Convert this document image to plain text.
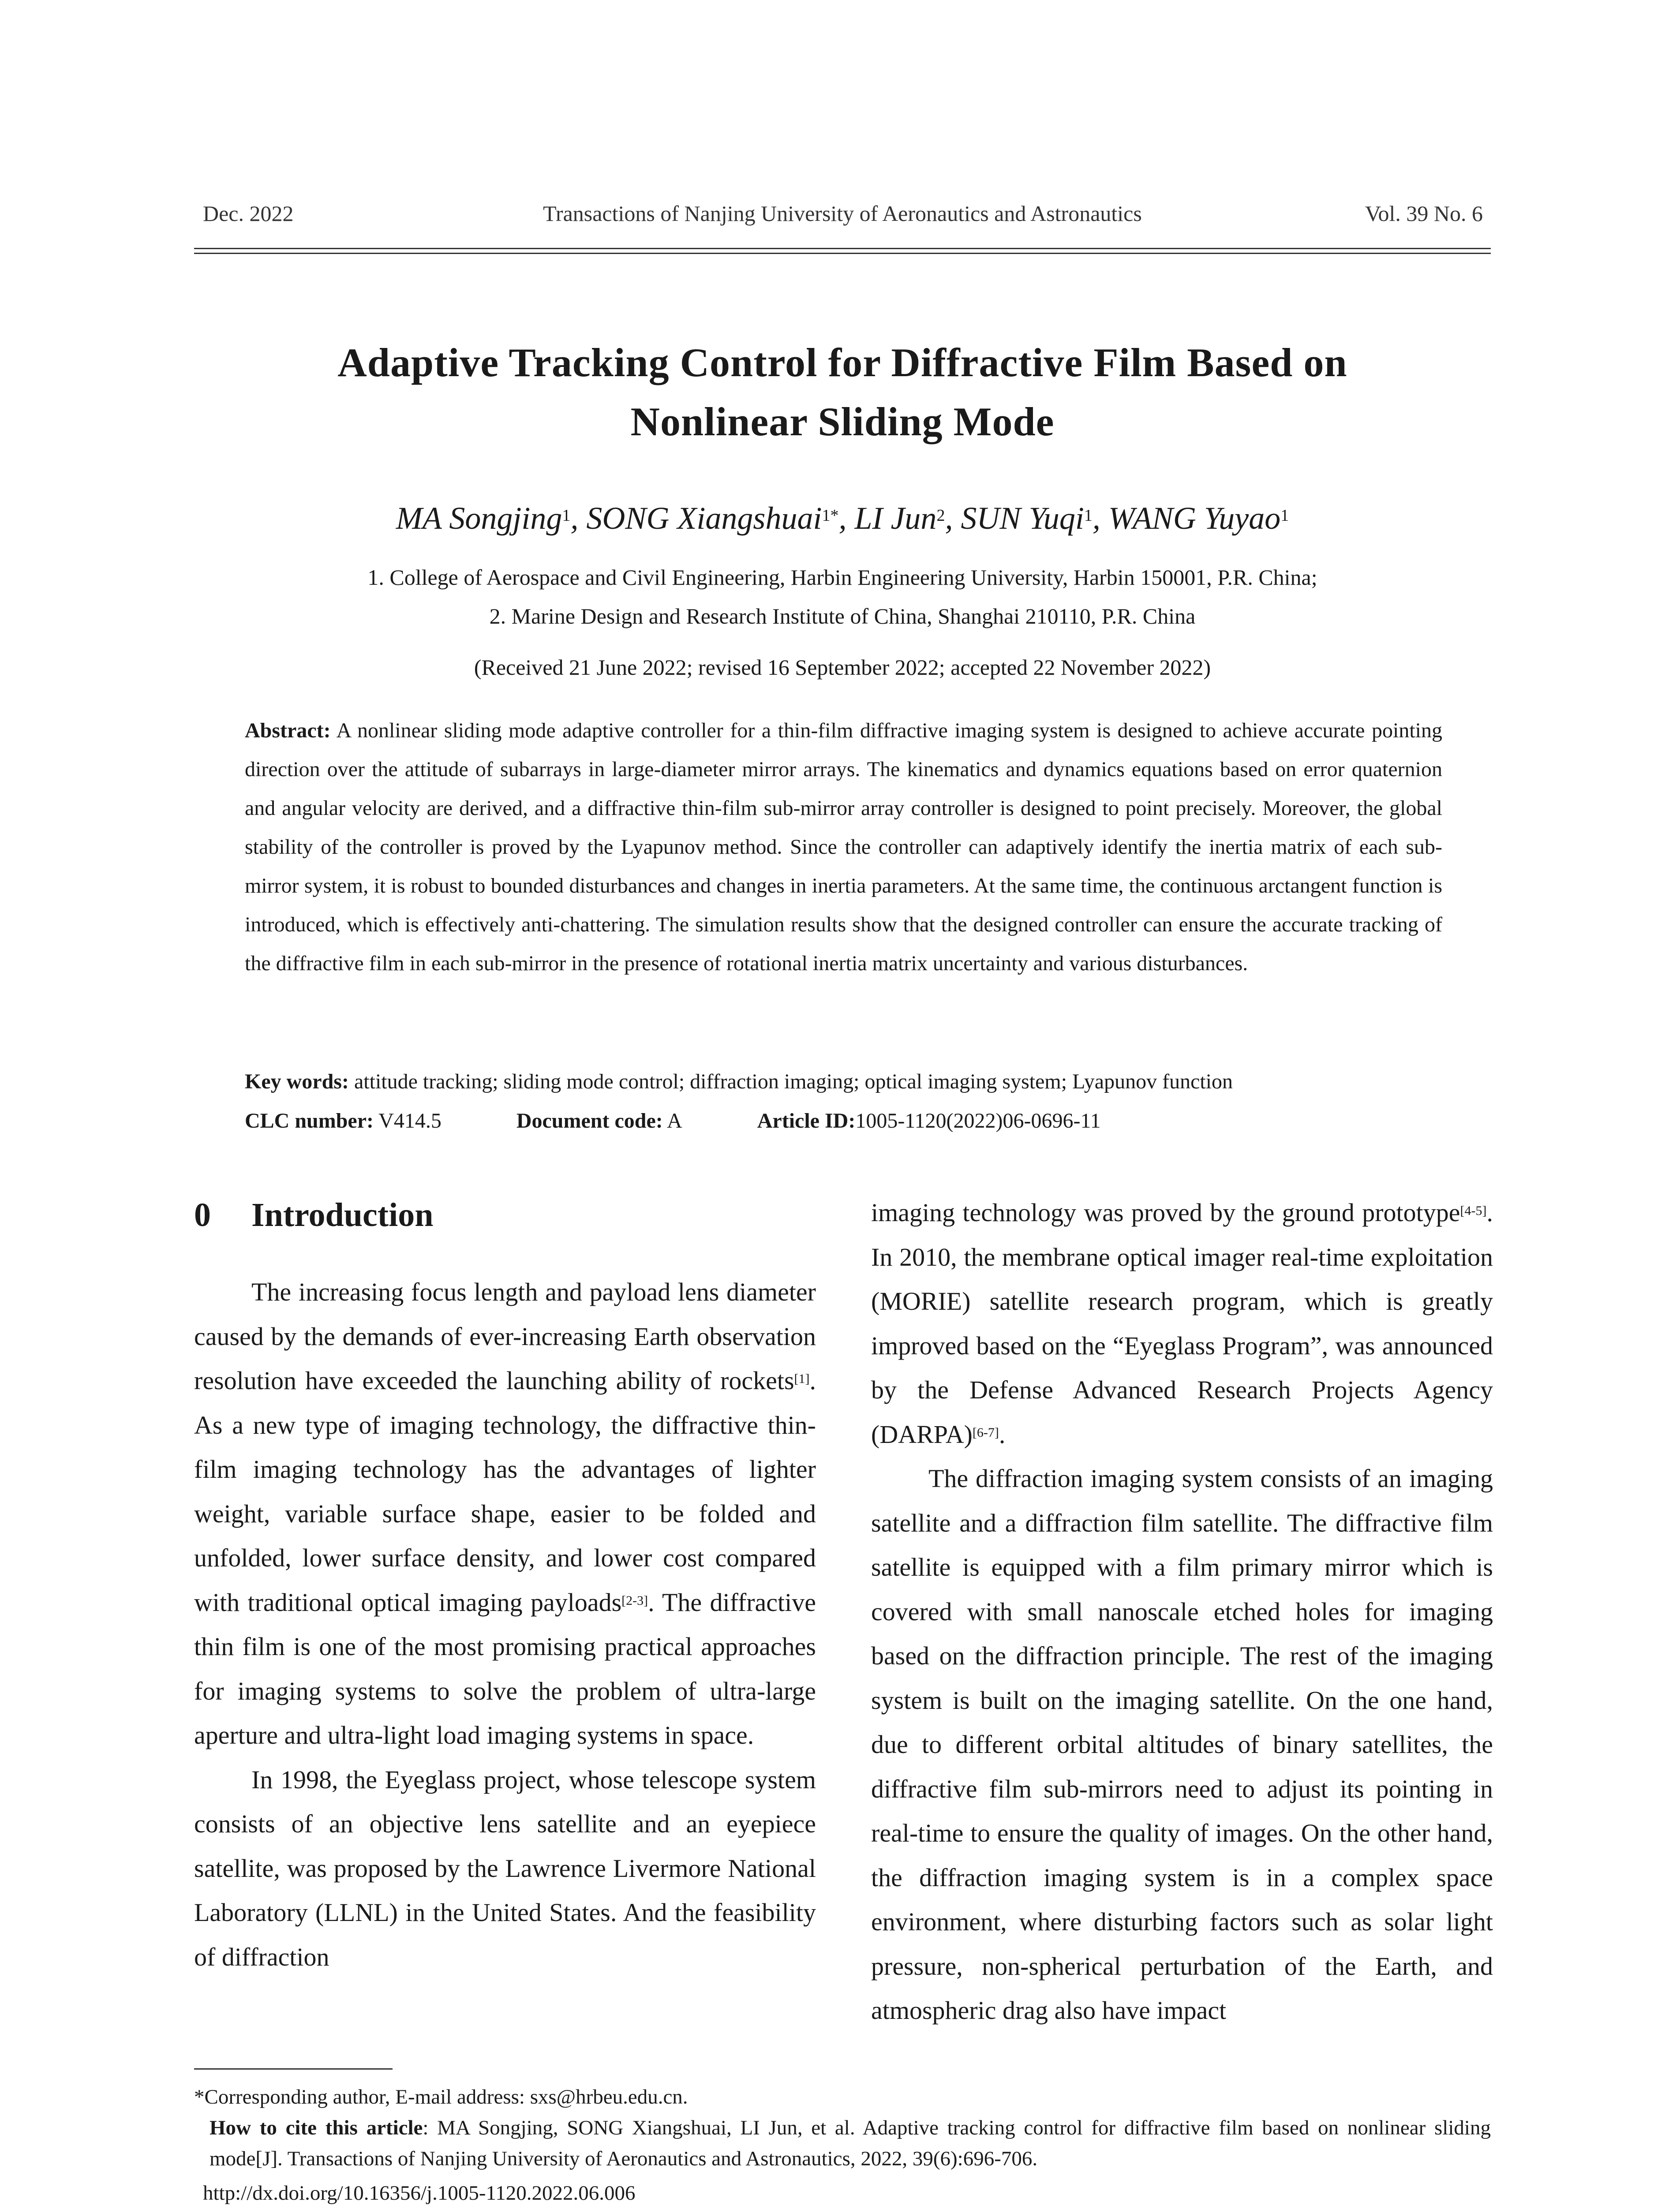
Dec. 2022	Transactions of Nanjing University of Aeronautics and Astronautics	Vol. 39 No. 6
Adaptive Tracking Control for Diffractive Film Based on
Nonlinear Sliding Mode
MA Songjing$^1$, SONG Xiangshuai$^{1*}$, LI Jun$^2$, SUN Yuqi$^1$, WANG Yuyao$^1$
1. College of Aerospace and Civil Engineering, Harbin Engineering University, Harbin 150001, P.R. China;
2. Marine Design and Research Institute of China, Shanghai 210110, P.R. China
(Received 21 June 2022; revised 16 September 2022; accepted 22 November 2022)
Abstract: A nonlinear sliding mode adaptive controller for a thin-film diffractive imaging system is designed to achieve accurate pointing direction over the attitude of subarrays in large-diameter mirror arrays. The kinematics and dynamics equations based on error quaternion and angular velocity are derived, and a diffractive thin-film sub-mirror array controller is designed to point precisely. Moreover, the global stability of the controller is proved by the Lyapunov method. Since the controller can adaptively identify the inertia matrix of each sub-mirror system, it is robust to bounded disturbances and changes in inertia parameters. At the same time, the continuous arctangent function is introduced, which is effectively anti-chattering. The simulation results show that the designed controller can ensure the accurate tracking of the diffractive film in each sub-mirror in the presence of rotational inertia matrix uncertainty and various disturbances.
Key words: attitude tracking; sliding mode control; diffraction imaging; optical imaging system; Lyapunov function
CLC number: V414.5	Document code: A	Article ID:1005-1120(2022)06-0696-11
0 Introduction

The increasing focus length and payload lens diameter caused by the demands of ever-increasing Earth observation resolution have exceeded the launching ability of rockets[1]. As a new type of imaging technology, the diffractive thin-film imaging technology has the advantages of lighter weight, variable surface shape, easier to be folded and unfolded, lower surface density, and lower cost compared with traditional optical imaging payloads[2-3]. The diffractive thin film is one of the most promising practical approaches for imaging systems to solve the problem of ultra-large aperture and ultra-light load imaging systems in space.

In 1998, the Eyeglass project, whose telescope system consists of an objective lens satellite and an eyepiece satellite, was proposed by the Lawrence Livermore National Laboratory (LLNL) in the United States. And the feasibility of diffraction

imaging technology was proved by the ground prototype[4-5]. In 2010, the membrane optical imager real-time exploitation (MORIE) satellite research program, which is greatly improved based on the “Eyeglass Program”, was announced by the Defense Advanced Research Projects Agency (DARPA)[6-7].

The diffraction imaging system consists of an imaging satellite and a diffraction film satellite. The diffractive film satellite is equipped with a film primary mirror which is covered with small nanoscale etched holes for imaging based on the diffraction principle. The rest of the imaging system is built on the imaging satellite. On the one hand, due to different orbital altitudes of binary satellites, the diffractive film sub-mirrors need to adjust its pointing in real-time to ensure the quality of images. On the other hand, the diffraction imaging system is in a complex space environment, where disturbing factors such as solar light pressure, non-spherical perturbation of the Earth, and atmospheric drag also have impact

*Corresponding author, E-mail address: sxs@hrbeu.edu.cn.
How to cite this article: MA Songjing, SONG Xiangshuai, LI Jun, et al. Adaptive tracking control for diffractive film based on nonlinear sliding mode[J]. Transactions of Nanjing University of Aeronautics and Astronautics, 2022, 39(6):696-706.
http://dx.doi.org/10.16356/j.1005-1120.2022.06.006
